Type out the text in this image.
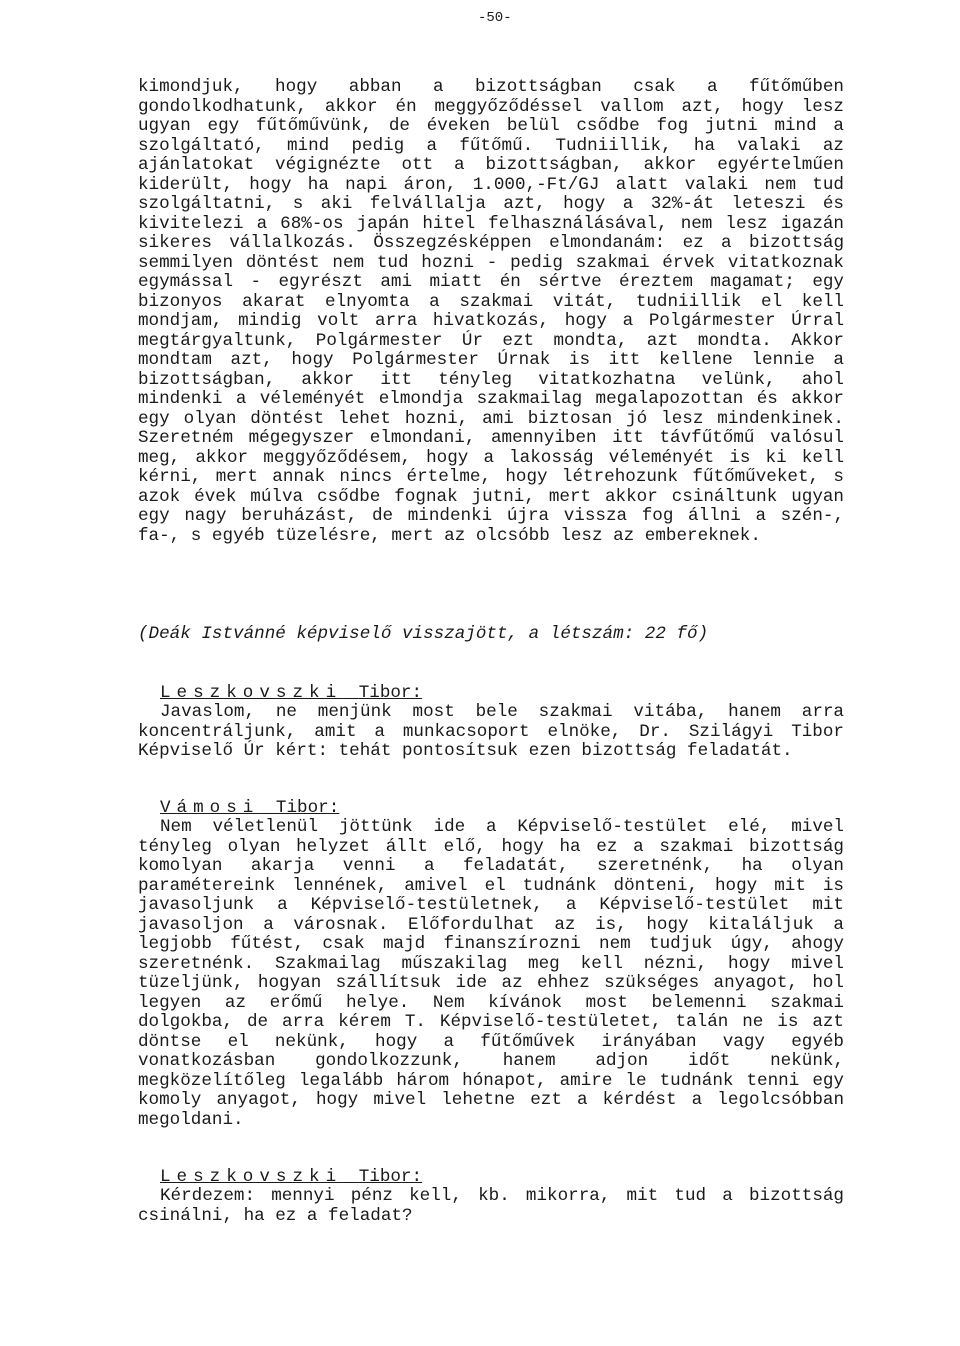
-50-

kimondjuk, hogy abban a bizottságban csak a fűtőműben gondolkodhatunk, akkor én meggyőződéssel vallom azt, hogy lesz ugyan egy fűtőművünk, de éveken belül csődbe fog jutni mind a szolgáltató, mind pedig a fűtőmű. Tudniillik, ha valaki az ajánlatokat végignézte ott a bizottságban, akkor egyértelműen kiderült, hogy ha napi áron, 1.000,-Ft/GJ alatt valaki nem tud szolgáltatni, s aki felvállalja azt, hogy a 32%-át leteszi és kivitelezi a 68%-os japán hitel felhasználásával, nem lesz igazán sikeres vállalkozás. Összegzésképpen elmondanám: ez a bizottság semmilyen döntést nem tud hozni - pedig szakmai érvek vitatkoznak egymással - egyrészt ami miatt én sértve éreztem magamat; egy bizonyos akarat elnyomta a szakmai vitát, tudniillik el kell mondjam, mindig volt arra hivatkozás, hogy a Polgármester Úrral megtárgyaltunk, Polgármester Úr ezt mondta, azt mondta. Akkor mondtam azt, hogy Polgármester Úrnak is itt kellene lennie a bizottságban, akkor itt tényleg vitatkozhatna velünk, ahol mindenki a véleményét elmondja szakmailag megalapozottan és akkor egy olyan döntést lehet hozni, ami biztosan jó lesz mindenkinek. Szeretném mégegyszer elmondani, amennyiben itt távfűtőmű valósul meg, akkor meggyőződésem, hogy a lakosság véleményét is ki kell kérni, mert annak nincs értelme, hogy létrehozunk fűtőműveket, s azok évek múlva csődbe fognak jutni, mert akkor csináltunk ugyan egy nagy beruházást, de mindenki újra vissza fog állni a szén-, fa-, s egyéb tüzelésre, mert az olcsóbb lesz az embereknek.

(Deák Istvánné képviselő visszajött, a létszám: 22 fő)
Leszkovszki Tibor:
Javaslom, ne menjünk most bele szakmai vitába, hanem arra koncentráljunk, amit a munkacsoport elnöke, Dr. Szilágyi Tibor Képviselő Úr kért: tehát pontosítsuk ezen bizottság feladatát.
Vámosi Tibor:
Nem véletlenül jöttünk ide a Képviselő-testület elé, mivel tényleg olyan helyzet állt elő, hogy ha ez a szakmai bizottság komolyan akarja venni a feladatát, szeretnénk, ha olyan paramétereink lennének, amivel el tudnánk dönteni, hogy mit is javasoljunk a Képviselő-testületnek, a Képviselő-testület mit javasoljon a városnak. Előfordulhat az is, hogy kitaláljuk a legjobb fűtést, csak majd finanszírozni nem tudjuk úgy, ahogy szeretnénk. Szakmailag műszakilag meg kell nézni, hogy mivel tüzeljünk, hogyan szállítsuk ide az ehhez szükséges anyagot, hol legyen az erőmű helye. Nem kívánok most belemenni szakmai dolgokba, de arra kérem T. Képviselő-testületet, talán ne is azt döntse el nekünk, hogy a fűtőművek irányában vagy egyéb vonatkozásban gondolkozzunk, hanem adjon időt nekünk, megközelítőleg legalább három hónapot, amire le tudnánk tenni egy komoly anyagot, hogy mivel lehetne ezt a kérdést a legolcsóbban megoldani.
Leszkovszki Tibor:
Kérdezem: mennyi pénz kell, kb. mikorra, mit tud a bizottság csinálni, ha ez a feladat?
